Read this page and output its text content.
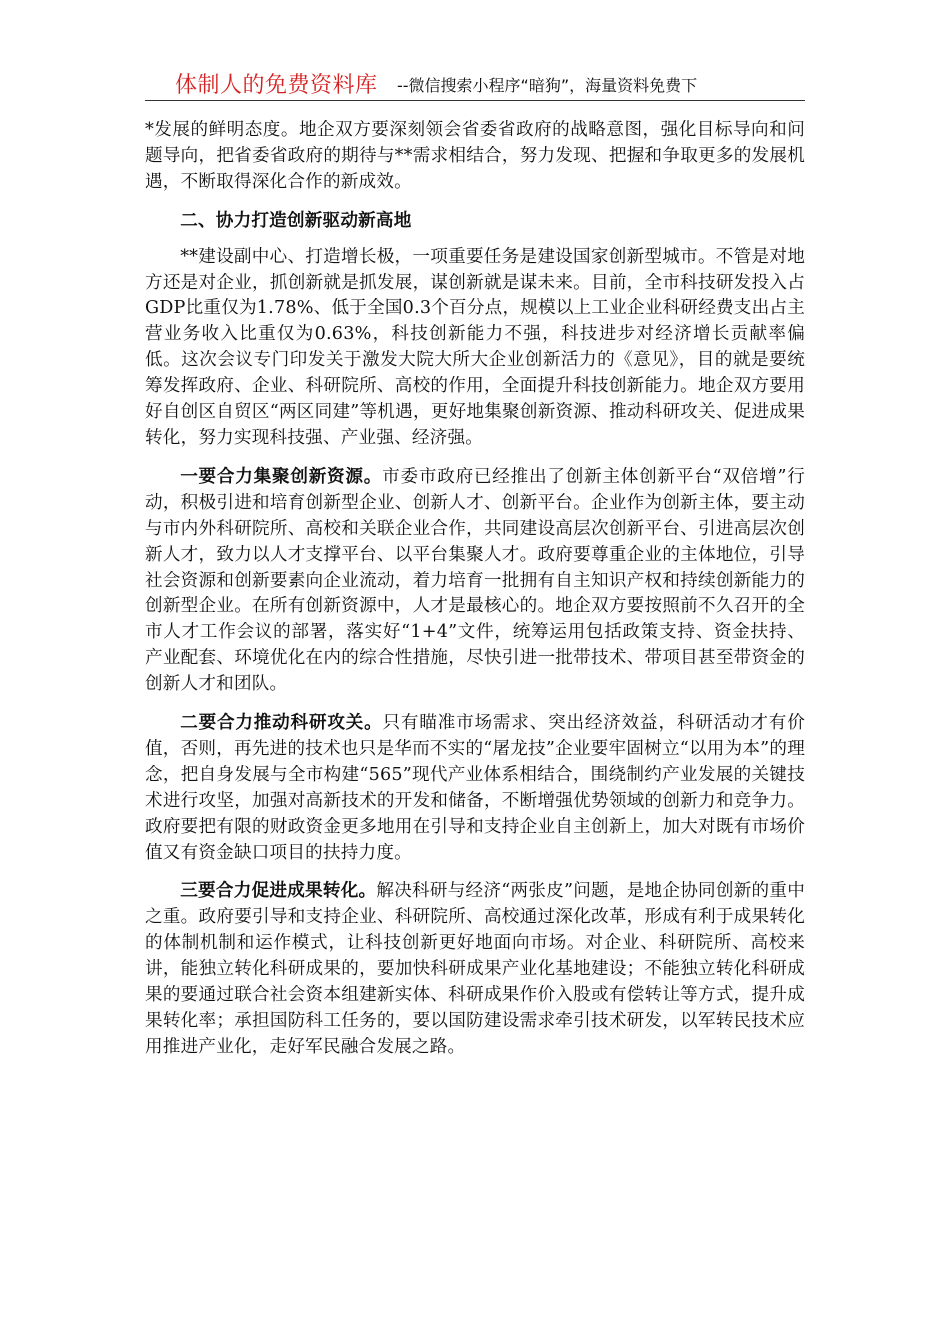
体制人的免费资料库 --微信搜索小程序“暗狗”，海量资料免费下

*发展的鲜明态度。地企双方要深刻领会省委省政府的战略意图，强化目标导向和问题导向，把省委省政府的期待与**需求相结合，努力发现、把握和争取更多的发展机遇，不断取得深化合作的新成效。

二、协力打造创新驱动新高地

**建设副中心、打造增长极，一项重要任务是建设国家创新型城市。不管是对地方还是对企业，抓创新就是抓发展，谋创新就是谋未来。目前，全市科技研发投入占GDP比重仅为1.78%、低于全国0.3个百分点，规模以上工业企业科研经费支出占主营业务收入比重仅为0.63%，科技创新能力不强，科技进步对经济增长贡献率偏低。这次会议专门印发关于激发大院大所大企业创新活力的《意见》，目的就是要统筹发挥政府、企业、科研院所、高校的作用，全面提升科技创新能力。地企双方要用好自创区自贸区“两区同建”等机遇，更好地集聚创新资源、推动科研攻关、促进成果转化，努力实现科技强、产业强、经济强。

一要合力集聚创新资源。市委市政府已经推出了创新主体创新平台“双倍增”行动，积极引进和培育创新型企业、创新人才、创新平台。企业作为创新主体，要主动与市内外科研院所、高校和关联企业合作，共同建设高层次创新平台、引进高层次创新人才，致力以人才支撑平台、以平台集聚人才。政府要尊重企业的主体地位，引导社会资源和创新要素向企业流动，着力培育一批拥有自主知识产权和持续创新能力的创新型企业。在所有创新资源中，人才是最核心的。地企双方要按照前不久召开的全市人才工作会议的部署，落实好“1+4”文件，统筹运用包括政策支持、资金扶持、产业配套、环境优化在内的综合性措施，尽快引进一批带技术、带项目甚至带资金的创新人才和团队。

二要合力推动科研攻关。只有瞄准市场需求、突出经济效益，科研活动才有价值，否则，再先进的技术也只是华而不实的“屠龙技”企业要牢固树立“以用为本”的理念，把自身发展与全市构建“565”现代产业体系相结合，围绕制约产业发展的关键技术进行攻坚，加强对高新技术的开发和储备，不断增强优势领域的创新力和竞争力。政府要把有限的财政资金更多地用在引导和支持企业自主创新上，加大对既有市场价值又有资金缺口项目的扶持力度。

三要合力促进成果转化。解决科研与经济“两张皮”问题，是地企协同创新的重中之重。政府要引导和支持企业、科研院所、高校通过深化改革，形成有利于成果转化的体制机制和运作模式，让科技创新更好地面向市场。对企业、科研院所、高校来讲，能独立转化科研成果的，要加快科研成果产业化基地建设；不能独立转化科研成果的要通过联合社会资本组建新实体、科研成果作价入股或有偿转让等方式，提升成果转化率；承担国防科工任务的，要以国防建设需求牵引技术研发，以军转民技术应用推进产业化，走好军民融合发展之路。
